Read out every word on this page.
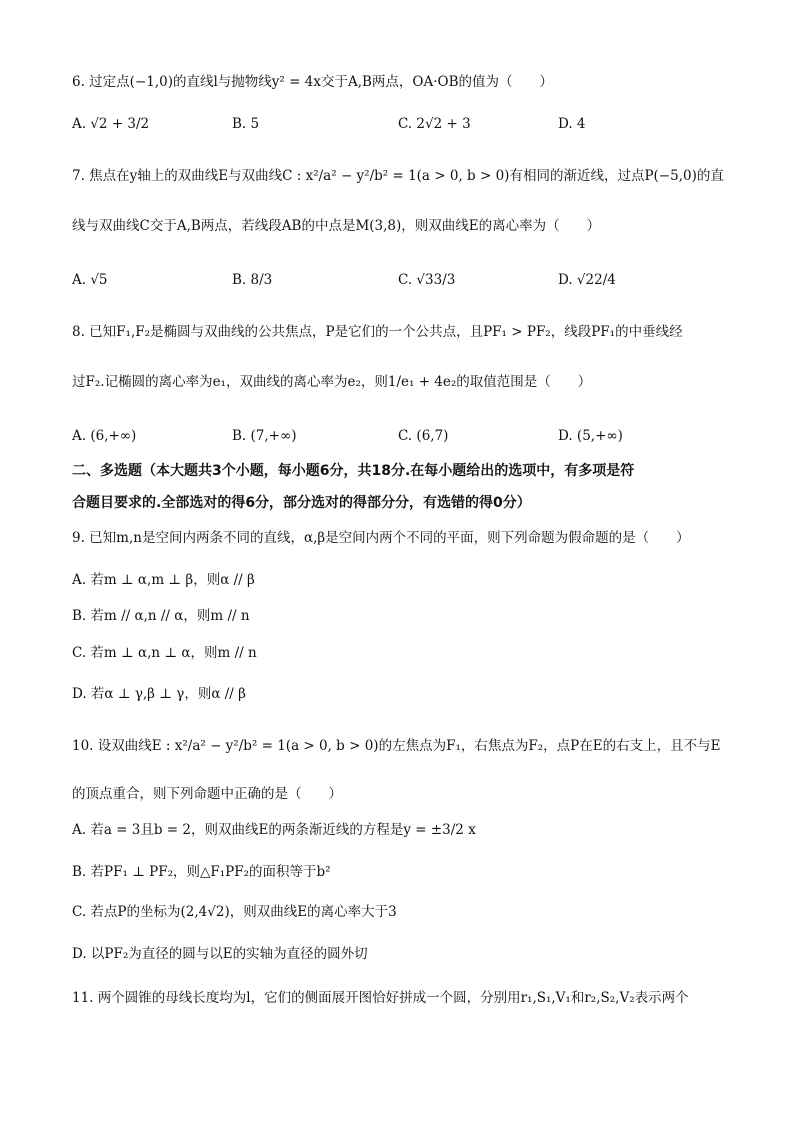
6. 过定点(−1,0)的直线l与抛物线y² = 4x交于A,B两点，OA·OB的值为（　　）
A. √2 + 3/2	B. 5	C. 2√2 + 3	D. 4
7. 焦点在y轴上的双曲线E与双曲线C : x²/a² − y²/b² = 1(a > 0, b > 0)有相同的渐近线，过点P(−5,0)的直
线与双曲线C交于A,B两点，若线段AB的中点是M(3,8)，则双曲线E的离心率为（　　）
A. √5	B. 8/3	C. √33/3	D. √22/4
8. 已知F₁,F₂是椭圆与双曲线的公共焦点，P是它们的一个公共点，且PF₁ > PF₂，线段PF₁的中垂线经
过F₂.记椭圆的离心率为e₁，双曲线的离心率为e₂，则1/e₁ + 4e₂的取值范围是（　　）
A. (6,+∞)	B. (7,+∞)	C. (6,7)	D. (5,+∞)
二、多选题（本大题共3个小题，每小题6分，共18分.在每小题给出的选项中，有多项是符
合题目要求的.全部选对的得6分，部分选对的得部分分，有选错的得0分）
9. 已知m,n是空间内两条不同的直线，α,β是空间内两个不同的平面，则下列命题为假命题的是（　　）
A. 若m ⊥ α,m ⊥ β，则α // β
B. 若m // α,n // α，则m // n
C. 若m ⊥ α,n ⊥ α，则m // n
D. 若α ⊥ γ,β ⊥ γ，则α // β
10. 设双曲线E : x²/a² − y²/b² = 1(a > 0, b > 0)的左焦点为F₁，右焦点为F₂，点P在E的右支上，且不与E
的顶点重合，则下列命题中正确的是（　　）
A. 若a = 3且b = 2，则双曲线E的两条渐近线的方程是y = ±3/2 x
B. 若PF₁ ⊥ PF₂，则△F₁PF₂的面积等于b²
C. 若点P的坐标为(2,4√2)，则双曲线E的离心率大于3
D. 以PF₂为直径的圆与以E的实轴为直径的圆外切
11. 两个圆锥的母线长度均为l，它们的侧面展开图恰好拼成一个圆，分别用r₁,S₁,V₁和r₂,S₂,V₂表示两个
